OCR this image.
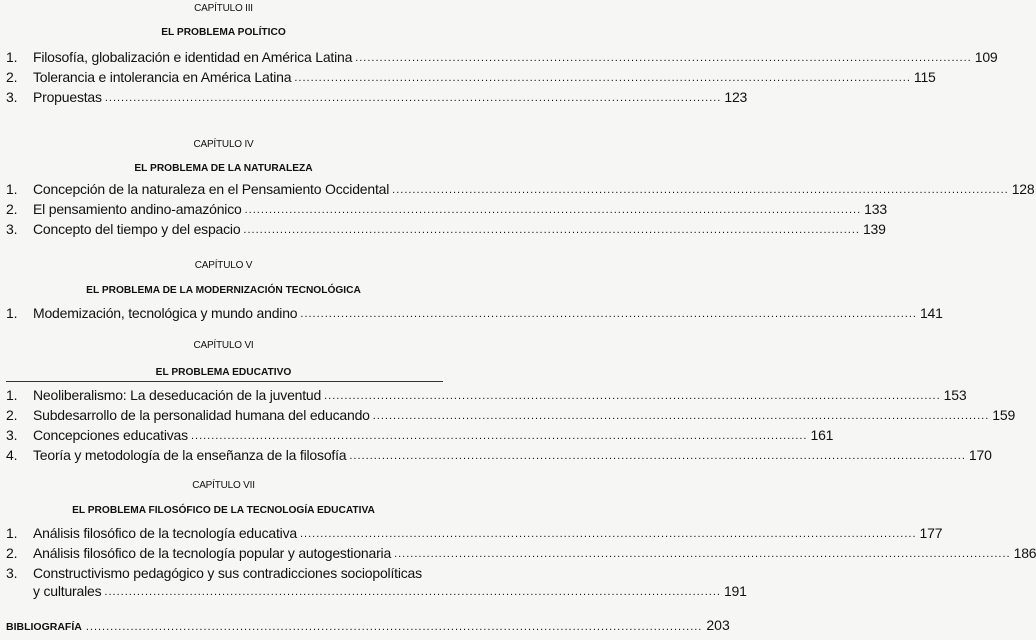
CAPÍTULO III
EL PROBLEMA POLÍTICO
1.	Filosofía, globalización e identidad en América Latina ........................................................................................................................................................ 109
2.	Tolerancia e intolerancia en América Latina ........................................................................................................................................................ 115
3.	Propuestas ........................................................................................................................................................ 123
CAPÍTULO IV
EL PROBLEMA DE LA NATURALEZA
1.	Concepción de la naturaleza en el Pensamiento Occidental ........................................................................................................................................................ 128
2.	El pensamiento andino-amazónico ........................................................................................................................................................ 133
3.	Concepto del tiempo y del espacio ........................................................................................................................................................ 139
CAPÍTULO V
EL PROBLEMA DE LA MODERNIZACIÓN TECNOLÓGICA
1.	Modemización, tecnológica y mundo andino ........................................................................................................................................................ 141
CAPÍTULO VI
EL PROBLEMA EDUCATIVO
1.	Neoliberalismo: La deseducación de la juventud ........................................................................................................................................................ 153
2.	Subdesarrollo de la personalidad humana del educando ........................................................................................................................................................ 159
3.	Concepciones educativas ........................................................................................................................................................ 161
4.	Teoría y metodología de la enseñanza de la filosofía ........................................................................................................................................................ 170
CAPÍTULO VII
EL PROBLEMA FILOSÓFICO DE LA TECNOLOGÍA EDUCATIVA
1.	Análisis filosófico de la tecnología educativa ........................................................................................................................................................ 177
2.	Análisis filosófico de la tecnología popular y autogestionaria ........................................................................................................................................................ 186
3.	Constructivismo pedagógico y sus contradicciones sociopolíticas
y culturales ........................................................................................................................................................ 191
BIBLIOGRAFÍA ........................................................................................................................................................ 203
